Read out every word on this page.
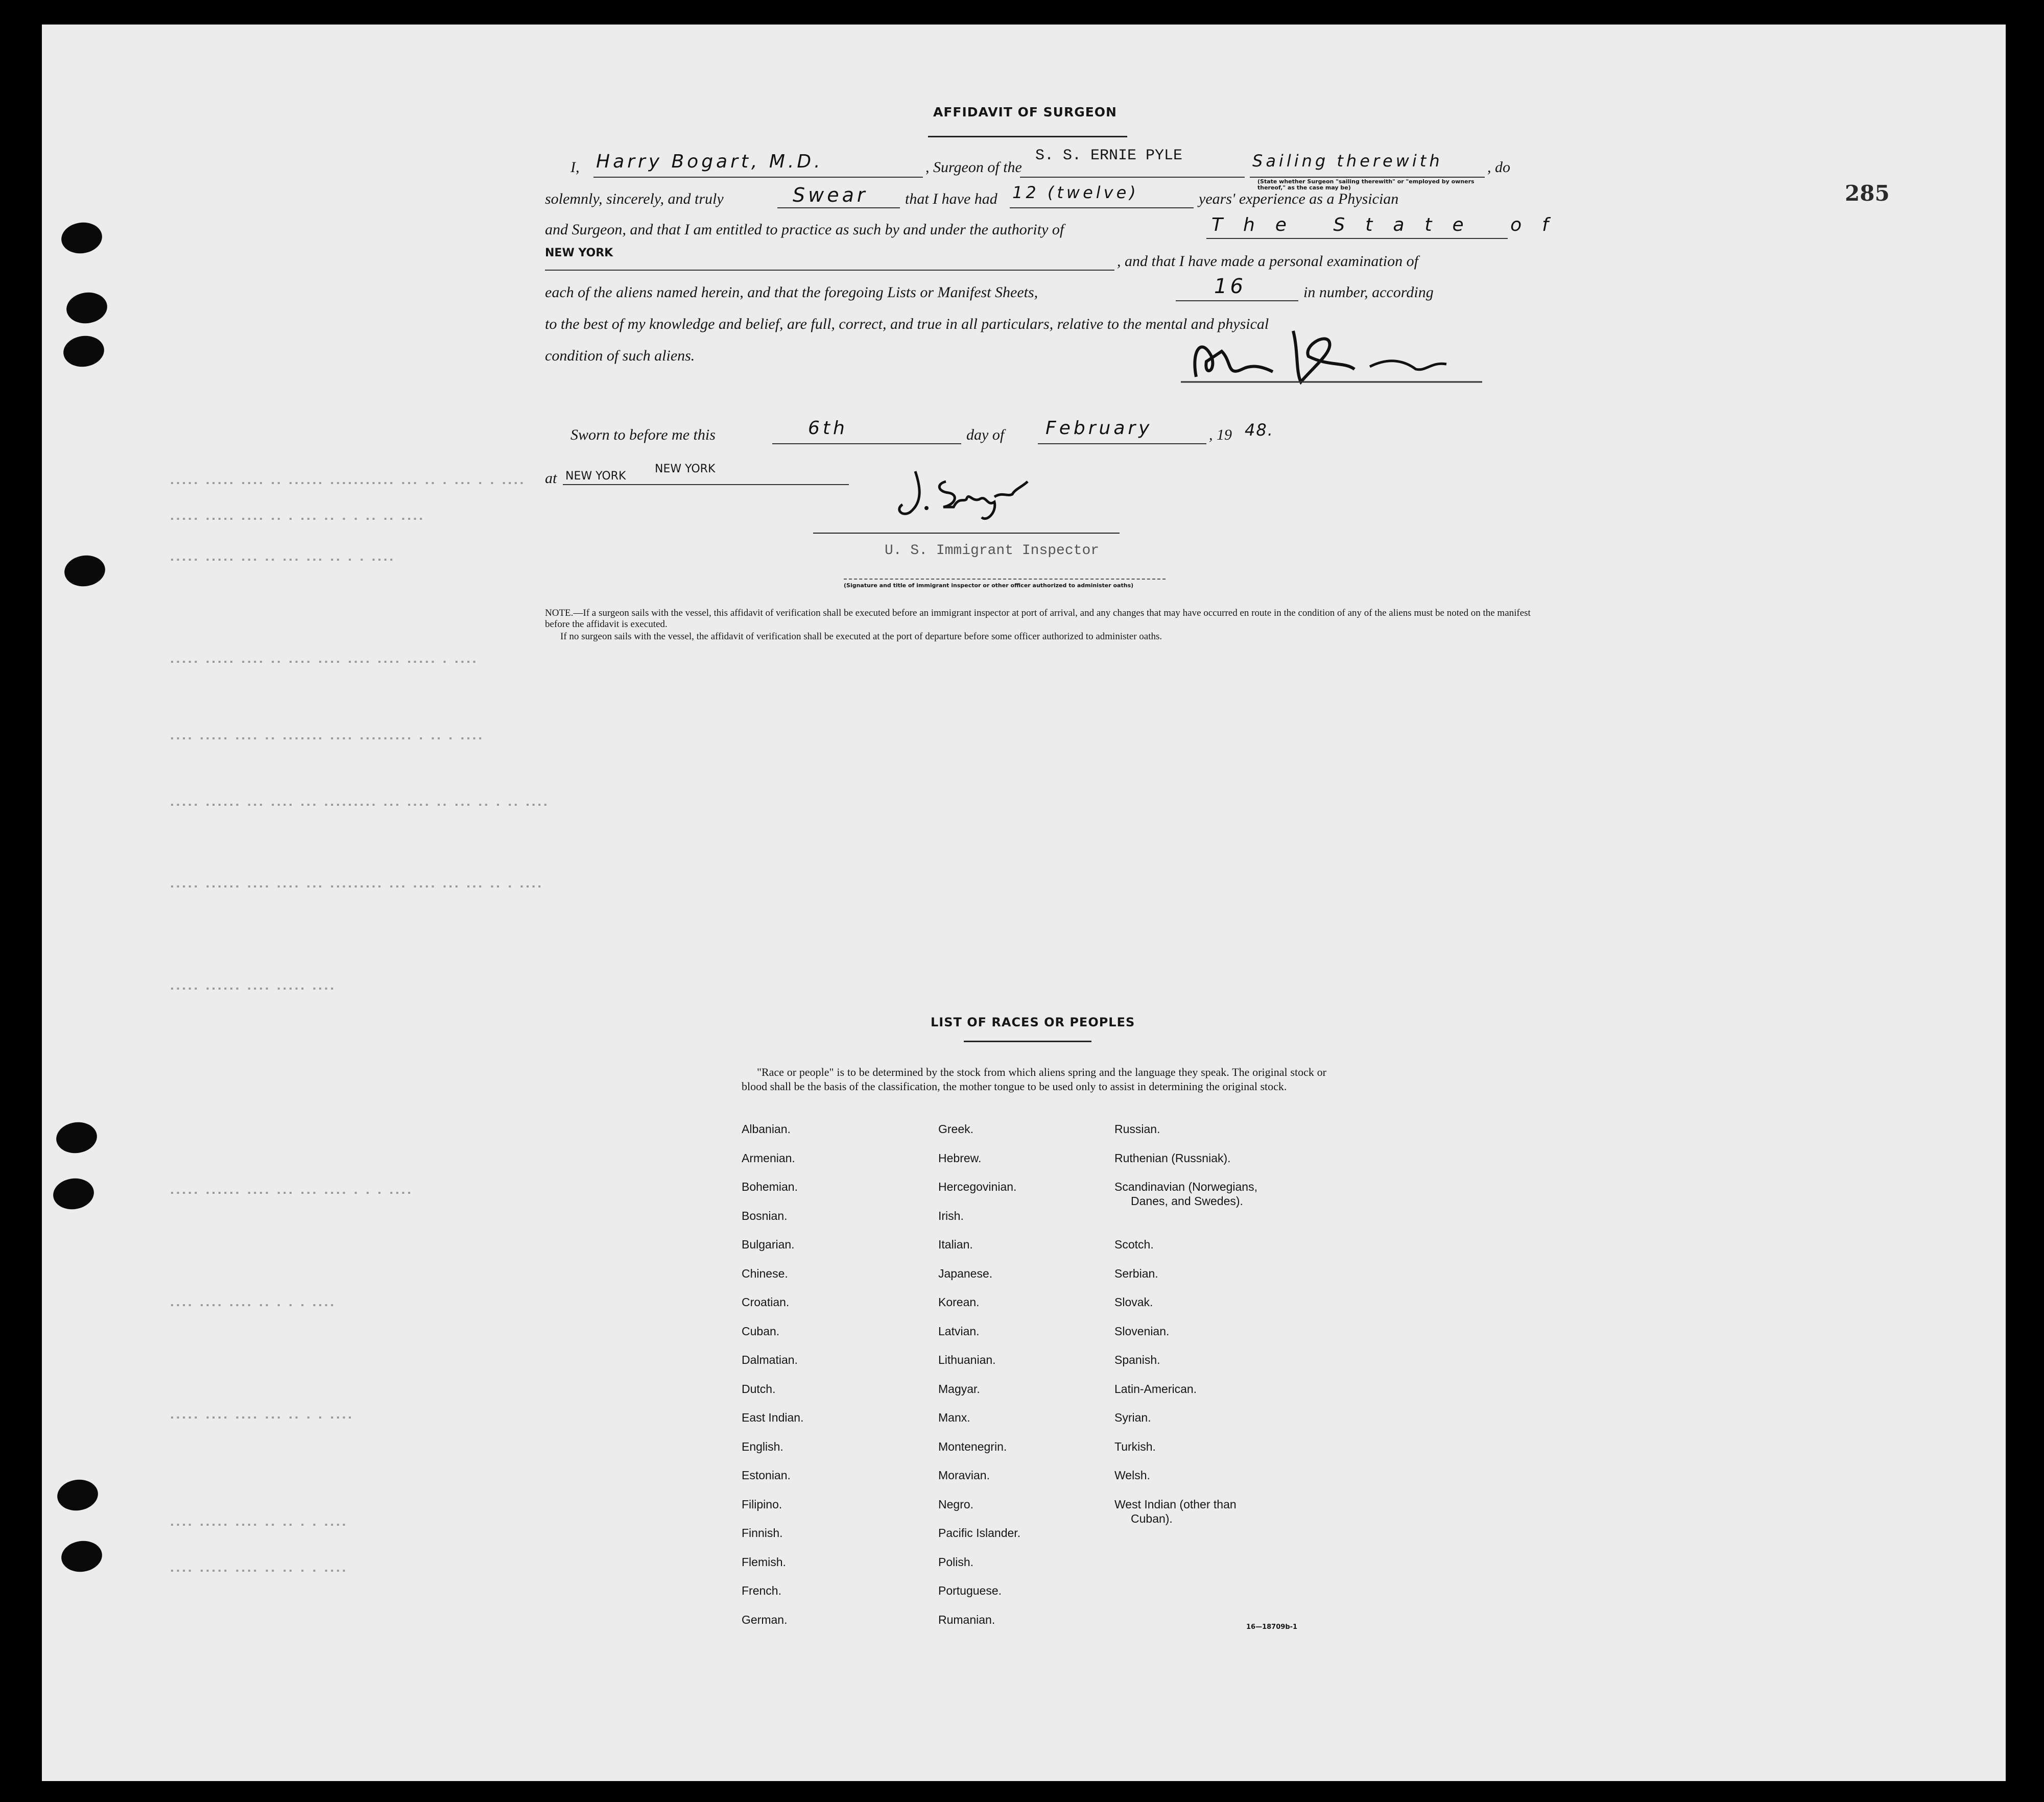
▪▪▪▪▪ ▪▪▪▪▪ ▪▪▪▪ ▪▪ ▪▪▪▪▪▪ ▪▪▪▪▪▪▪▪▪▪▪ ▪▪▪ ▪▪ ▪ ▪▪▪ ▪ ▪ ▪▪▪▪
▪▪▪▪▪ ▪▪▪▪▪ ▪▪▪▪ ▪▪ ▪ ▪▪▪ ▪▪ ▪ ▪ ▪▪ ▪▪ ▪▪▪▪
▪▪▪▪▪ ▪▪▪▪▪ ▪▪▪ ▪▪ ▪▪▪ ▪▪▪ ▪▪ ▪ ▪ ▪▪▪▪
▪▪▪▪▪ ▪▪▪▪▪ ▪▪▪▪ ▪▪ ▪▪▪▪ ▪▪▪▪ ▪▪▪▪ ▪▪▪▪ ▪▪▪▪▪ ▪ ▪▪▪▪
▪▪▪▪ ▪▪▪▪▪ ▪▪▪▪ ▪▪ ▪▪▪▪▪▪▪ ▪▪▪▪ ▪▪▪▪▪▪▪▪▪ ▪ ▪▪ ▪ ▪▪▪▪
▪▪▪▪▪ ▪▪▪▪▪▪ ▪▪▪ ▪▪▪▪ ▪▪▪ ▪▪▪▪▪▪▪▪▪ ▪▪▪ ▪▪▪▪ ▪▪ ▪▪▪ ▪▪ ▪ ▪▪ ▪▪▪▪
▪▪▪▪▪ ▪▪▪▪▪▪ ▪▪▪▪ ▪▪▪▪ ▪▪▪ ▪▪▪▪▪▪▪▪▪ ▪▪▪ ▪▪▪▪ ▪▪▪ ▪▪▪ ▪▪ ▪ ▪▪▪▪
▪▪▪▪▪ ▪▪▪▪▪▪ ▪▪▪▪ ▪▪▪▪▪ ▪▪▪▪
▪▪▪▪▪ ▪▪▪▪▪▪ ▪▪▪▪ ▪▪▪ ▪▪▪ ▪▪▪▪ ▪ ▪ ▪ ▪▪▪▪
▪▪▪▪ ▪▪▪▪ ▪▪▪▪ ▪▪ ▪ ▪ ▪ ▪▪▪▪
▪▪▪▪▪ ▪▪▪▪ ▪▪▪▪ ▪▪▪ ▪▪ ▪ ▪ ▪▪▪▪
▪▪▪▪ ▪▪▪▪▪ ▪▪▪▪ ▪▪ ▪▪ ▪ ▪ ▪▪▪▪
▪▪▪▪ ▪▪▪▪▪ ▪▪▪▪ ▪▪ ▪▪ ▪ ▪ ▪▪▪▪
285
AFFIDAVIT OF SURGEON
I, Harry Bogart, M.D.	, Surgeon of the
S. S. ERNIE PYLE	Sailing therewith	, do
(State whether Surgeon "sailing therewith" or "employed by owners thereof," as the case may be)
solemnly, sincerely, and truly	Swear that I have had 12 (twelve)	years' experience as a Physician
and Surgeon, and that I am entitled to practice as such by and under the authority of	The State of
NEW YORK	, and that I have made a personal examination of
each of the aliens named herein, and that the foregoing Lists or Manifest Sheets,	16	in number, according
to the best of my knowledge and belief, are full, correct, and true in all particulars, relative to the mental and physical
condition of such aliens.
Sworn to before me this	6th	day of February	, 19 48.
at NEW YORK
NEW YORK
U. S. Immigrant Inspector
(Signature and title of immigrant inspector or other officer authorized to administer oaths)
NOTE.—If a surgeon sails with the vessel, this affidavit of verification shall be executed before an immigrant inspector at port of arrival, and any changes that may have occurred en route in the condition of any of the aliens must be noted on the manifest before the affidavit is executed.
If no surgeon sails with the vessel, the affidavit of verification shall be executed at the port of departure before some officer authorized to administer oaths.
LIST OF RACES OR PEOPLES
"Race or people" is to be determined by the stock from which aliens spring and the language they speak. The original stock or blood shall be the basis of the classification, the mother tongue to be used only to assist in determining the original stock.
Albanian.
Armenian.
Bohemian.
Bosnian.
Bulgarian.
Chinese.
Croatian.
Cuban.
Dalmatian.
Dutch.
East Indian.
English.
Estonian.
Filipino.
Finnish.
Flemish.
French.
German.
Greek.
Hebrew.
Hercegovinian.
Irish.
Italian.
Japanese.
Korean.
Latvian.
Lithuanian.
Magyar.
Manx.
Montenegrin.
Moravian.
Negro.
Pacific Islander.
Polish.
Portuguese.
Rumanian.
Russian.
Ruthenian (Russniak).
Scandinavian (Norwegians,
Danes, and Swedes).
Scotch.
Serbian.
Slovak.
Slovenian.
Spanish.
Latin-American.
Syrian.
Turkish.
Welsh.
West Indian (other than
Cuban).
16—18709b-1
